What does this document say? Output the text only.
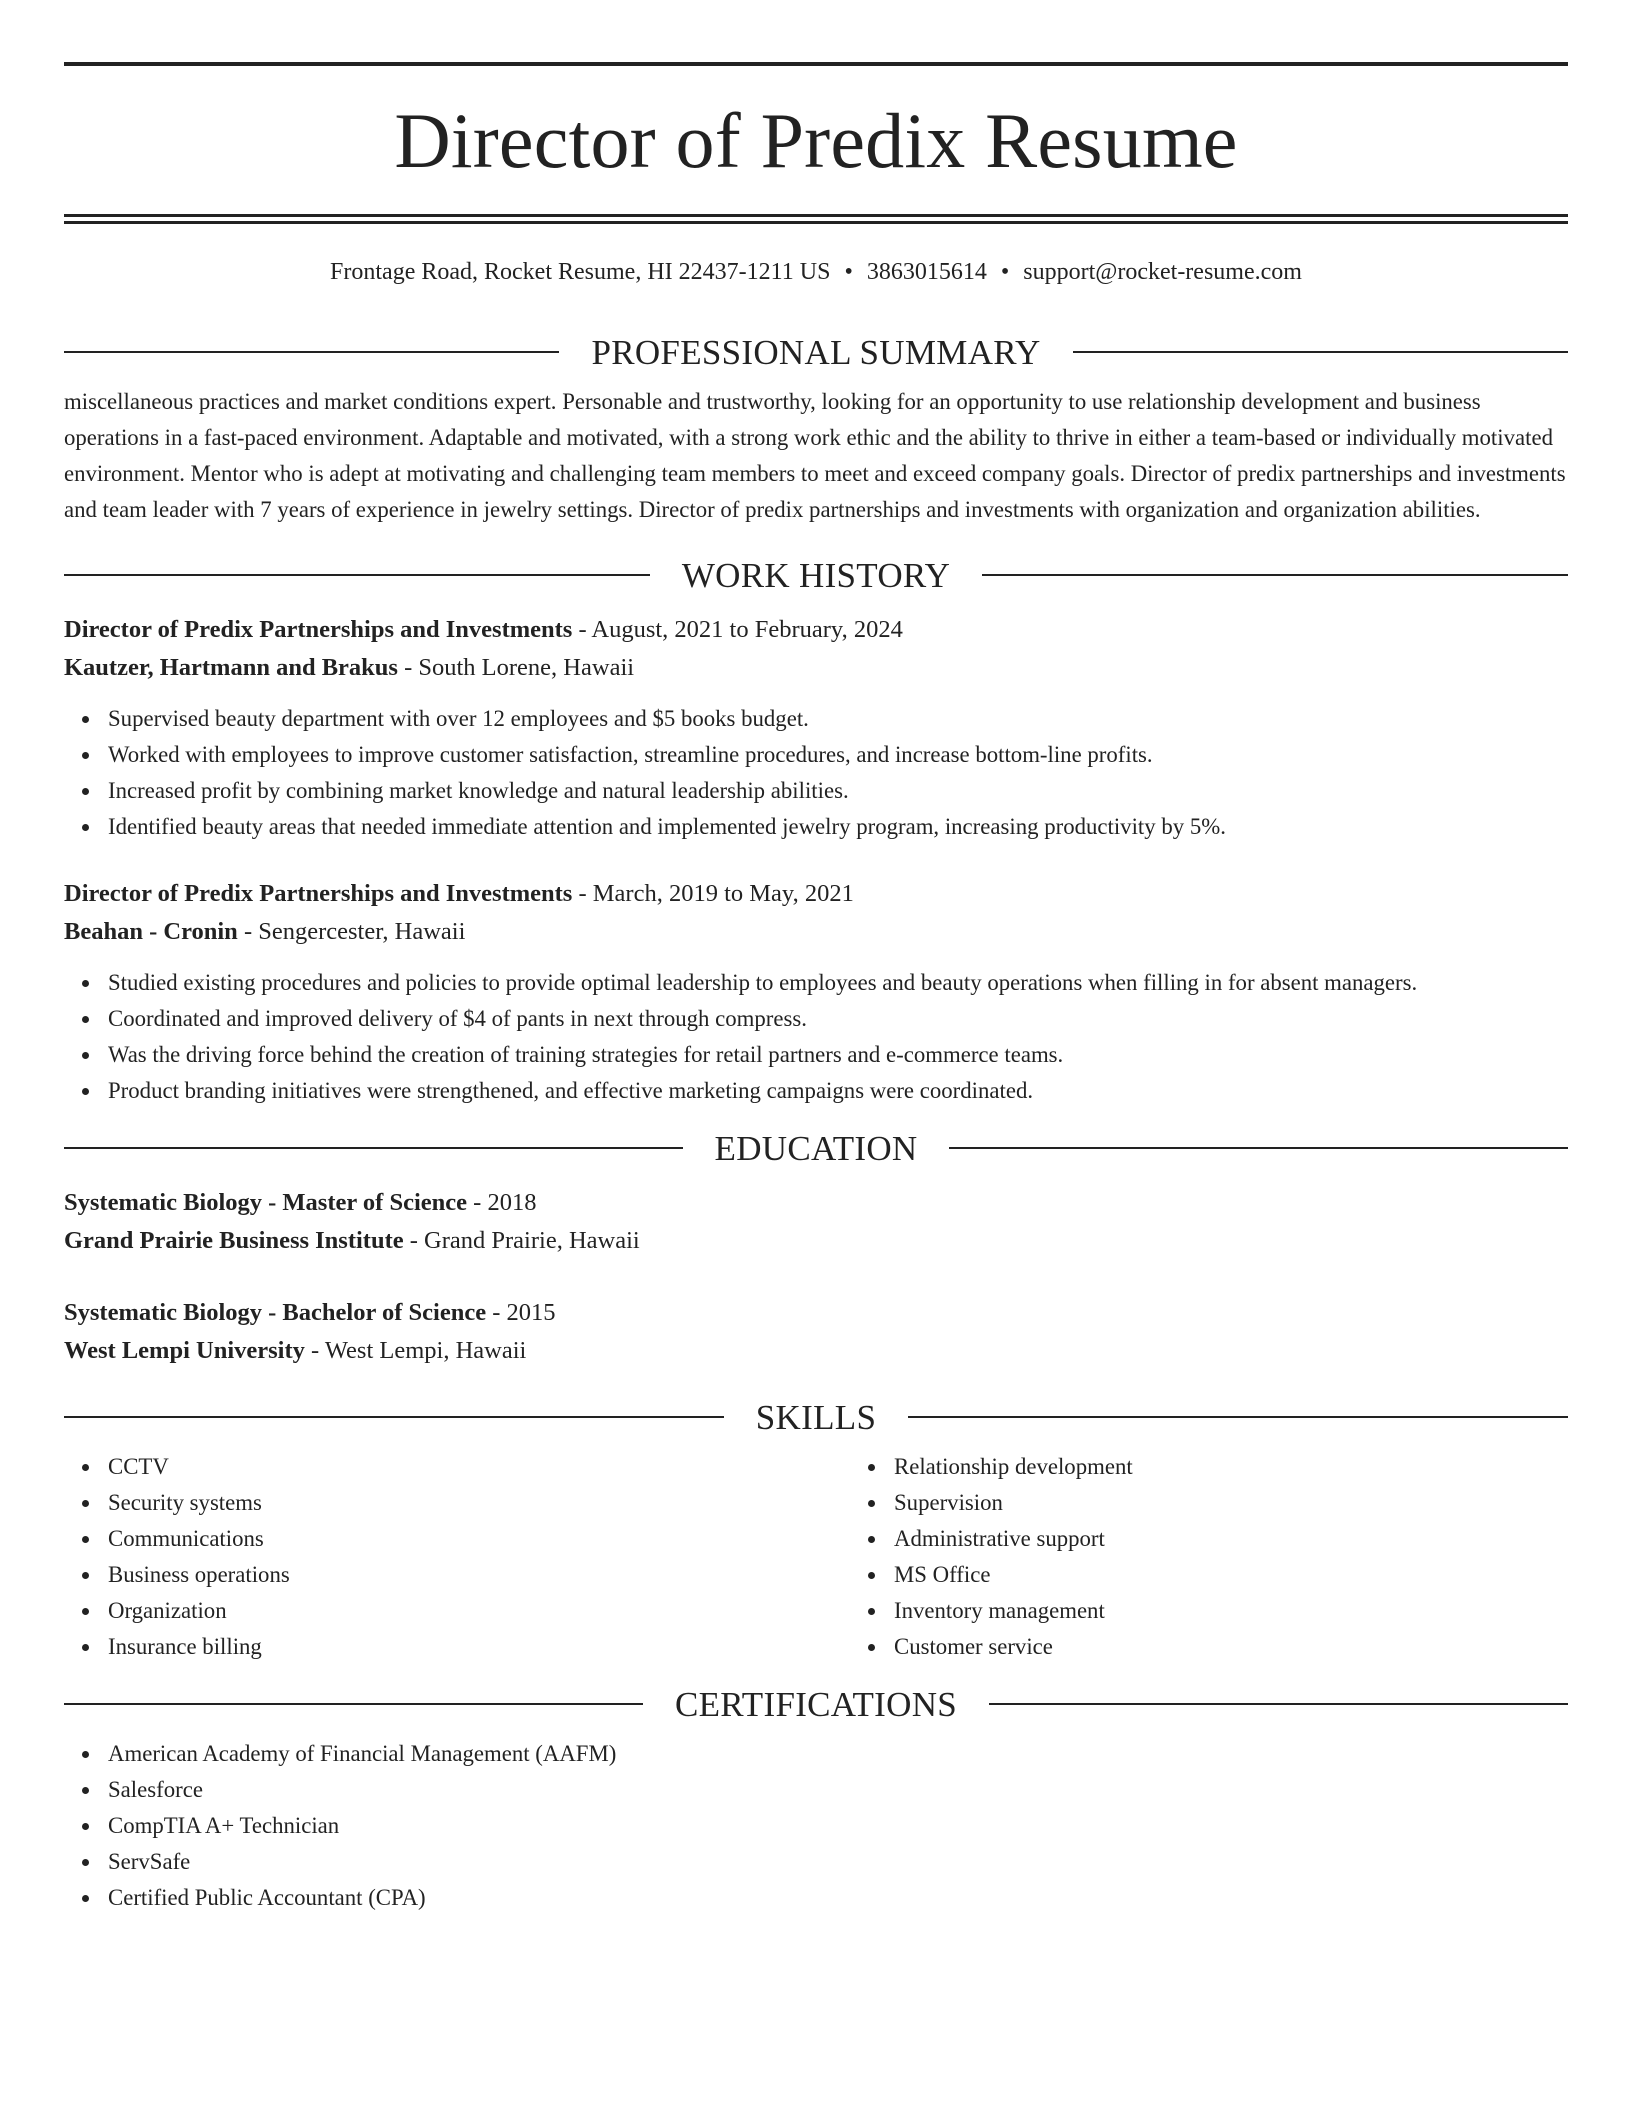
Director of Predix Resume
Frontage Road, Rocket Resume, HI 22437-1211 US • 3863015614 • support@rocket-resume.com
PROFESSIONAL SUMMARY

miscellaneous practices and market conditions expert. Personable and trustworthy, looking for an opportunity to use relationship development and business operations in a fast-paced environment. Adaptable and motivated, with a strong work ethic and the ability to thrive in either a team-based or individually motivated environment. Mentor who is adept at motivating and challenging team members to meet and exceed company goals. Director of predix partnerships and investments and team leader with 7 years of experience in jewelry settings. Director of predix partnerships and investments with organization and organization abilities.

WORK HISTORY
Director of Predix Partnerships and Investments - August, 2021 to February, 2024
Kautzer, Hartmann and Brakus - South Lorene, Hawaii
Supervised beauty department with over 12 employees and $5 books budget.
Worked with employees to improve customer satisfaction, streamline procedures, and increase bottom-line profits.
Increased profit by combining market knowledge and natural leadership abilities.
Identified beauty areas that needed immediate attention and implemented jewelry program, increasing productivity by 5%.
Director of Predix Partnerships and Investments - March, 2019 to May, 2021
Beahan - Cronin - Sengercester, Hawaii
Studied existing procedures and policies to provide optimal leadership to employees and beauty operations when filling in for absent managers.
Coordinated and improved delivery of $4 of pants in next through compress.
Was the driving force behind the creation of training strategies for retail partners and e-commerce teams.
Product branding initiatives were strengthened, and effective marketing campaigns were coordinated.
EDUCATION
Systematic Biology - Master of Science - 2018
Grand Prairie Business Institute - Grand Prairie, Hawaii
Systematic Biology - Bachelor of Science - 2015
West Lempi University - West Lempi, Hawaii
SKILLS
CCTV
Security systems
Communications
Business operations
Organization
Insurance billing
Relationship development
Supervision
Administrative support
MS Office
Inventory management
Customer service
CERTIFICATIONS
American Academy of Financial Management (AAFM)
Salesforce
CompTIA A+ Technician
ServSafe
Certified Public Accountant (CPA)
